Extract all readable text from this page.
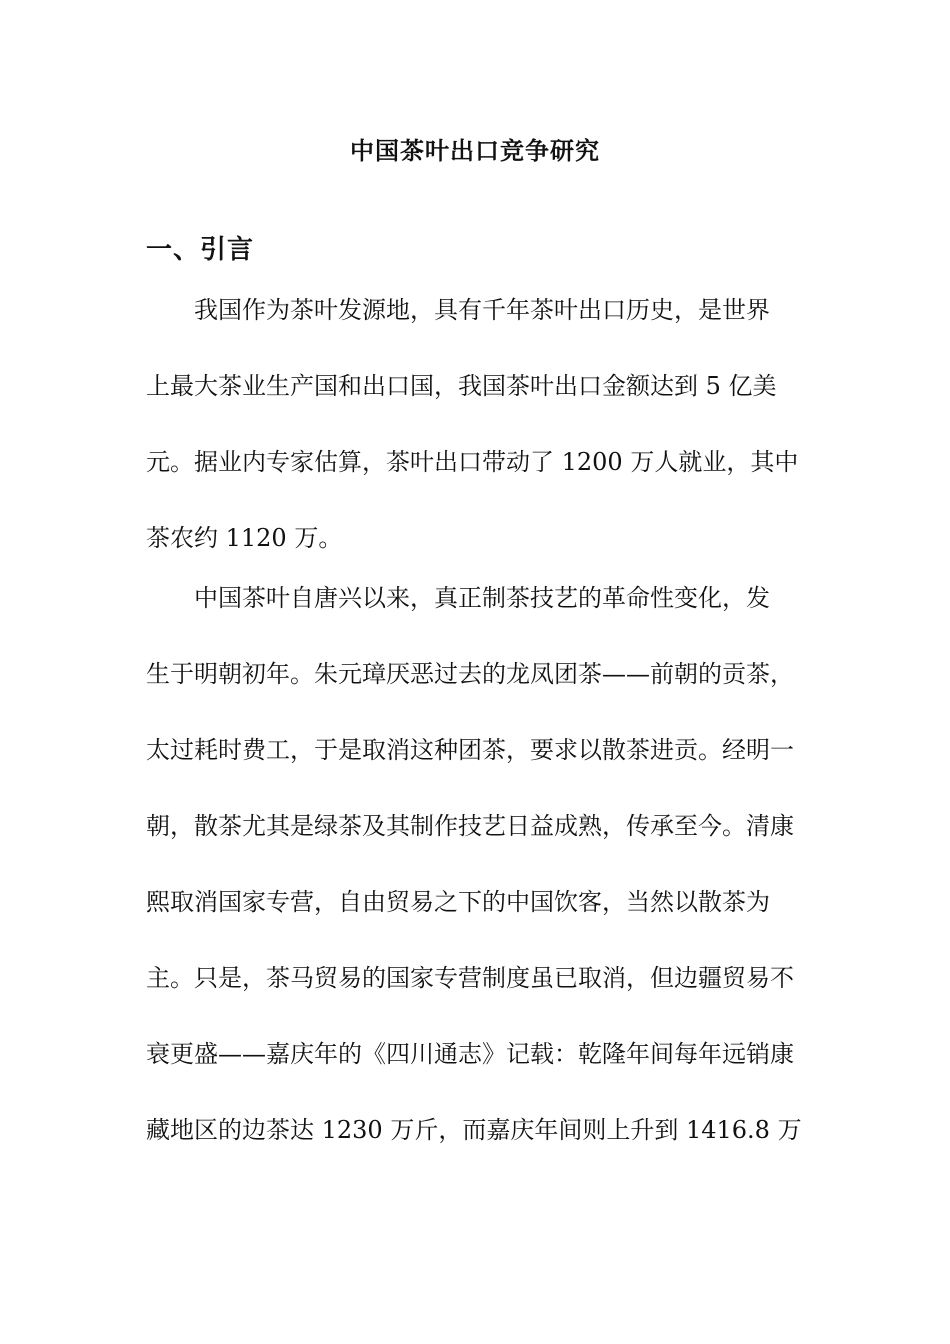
中国茶叶出口竞争研究
一、引言
我国作为茶叶发源地，具有千年茶叶出口历史，是世界
上最大茶业生产国和出口国，我国茶叶出口金额达到 5 亿美
元。据业内专家估算，茶叶出口带动了 1200 万人就业，其中
茶农约 1120 万。
中国茶叶自唐兴以来，真正制茶技艺的革命性变化，发
生于明朝初年。朱元璋厌恶过去的龙凤团茶——前朝的贡茶，
太过耗时费工，于是取消这种团茶，要求以散茶进贡。经明一
朝，散茶尤其是绿茶及其制作技艺日益成熟，传承至今。清康
熙取消国家专营，自由贸易之下的中国饮客，当然以散茶为
主。只是，茶马贸易的国家专营制度虽已取消，但边疆贸易不
衰更盛——嘉庆年的《四川通志》记载：乾隆年间每年远销康
藏地区的边茶达 1230 万斤，而嘉庆年间则上升到 1416.8 万
